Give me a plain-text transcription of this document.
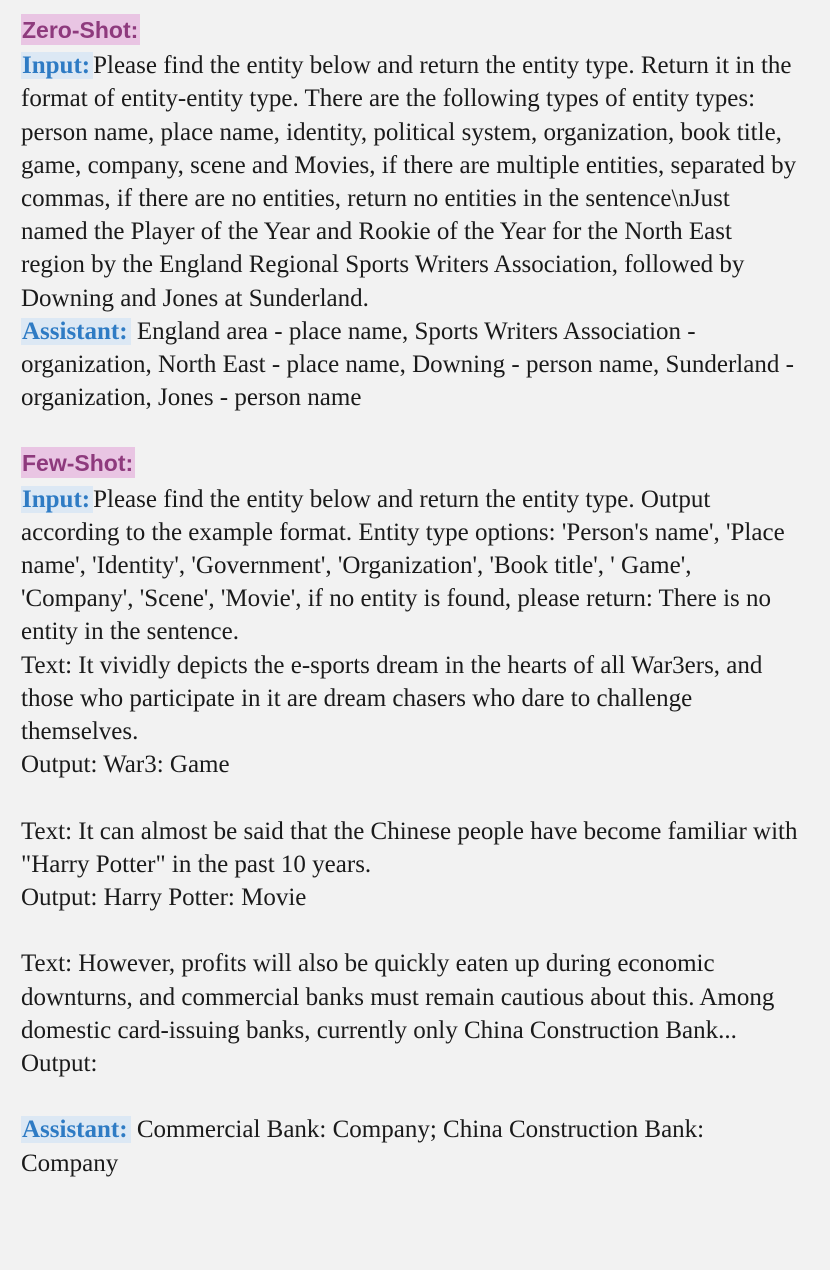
Zero-Shot:

Input: Please find the entity below and return the entity type. Return it in the format of entity-entity type. There are the following types of entity types: person name, place name, identity, political system, organization, book title, game, company, scene and Movies, if there are multiple entities, separated by commas, if there are no entities, return no entities in the sentence\nJust named the Player of the Year and Rookie of the Year for the North East region by the England Regional Sports Writers Association, followed by Downing and Jones at Sunderland.

Assistant: England area - place name, Sports Writers Association - organization, North East - place name, Downing - person name, Sunderland - organization, Jones - person name

Few-Shot:

Input: Please find the entity below and return the entity type. Output according to the example format. Entity type options: 'Person's name', 'Place name', 'Identity', 'Government', 'Organization', 'Book title', ' Game', 'Company', 'Scene', 'Movie', if no entity is found, please return: There is no entity in the sentence.

Text: It vividly depicts the e-sports dream in the hearts of all War3ers, and those who participate in it are dream chasers who dare to challenge themselves.

Output: War3: Game

Text: It can almost be said that the Chinese people have become familiar with "Harry Potter" in the past 10 years.

Output: Harry Potter: Movie

Text: However, profits will also be quickly eaten up during economic downturns, and commercial banks must remain cautious about this. Among domestic card-issuing banks, currently only China Construction Bank...

Output:

Assistant: Commercial Bank: Company; China Construction Bank: Company
